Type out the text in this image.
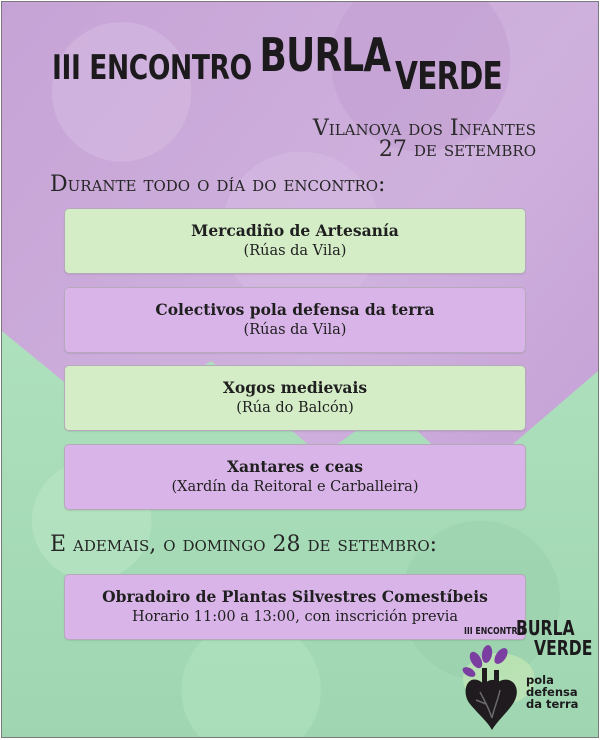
III ENCONTRO BURLA VERDE
Vilanova dos Infantes
27 de setembro
Durante todo o día do encontro:
Mercadiño de Artesanía
(Rúas da Vila)
Colectivos pola defensa da terra
(Rúas da Vila)
Xogos medievais
(Rúa do Balcón)
Xantares e ceas
(Xardín da Reitoral e Carballeira)
E ademais, o domingo 28 de setembro:
Obradoiro de Plantas Silvestres Comestíbeis
Horario 11:00 a 13:00, con inscrición previa
III ENCONTRO
BURLA
VERDE
pola
defensa
da terra
